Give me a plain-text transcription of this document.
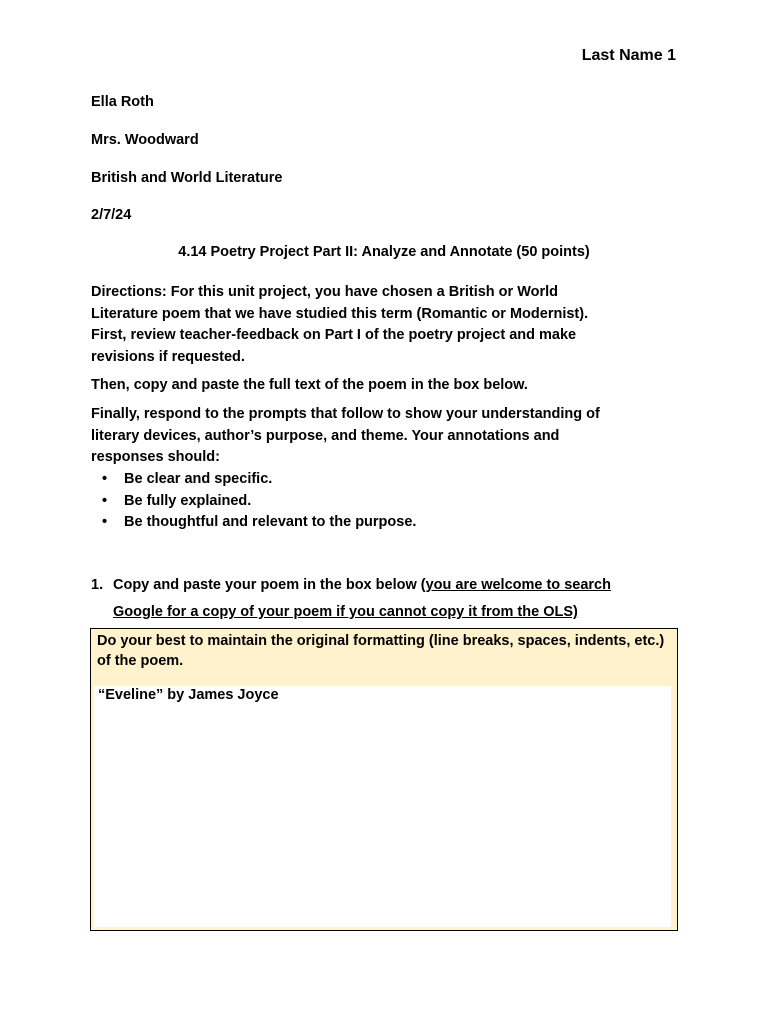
Last Name 1
Ella Roth
Mrs. Woodward
British and World Literature
2/7/24
4.14 Poetry Project Part II: Analyze and Annotate (50 points)
Directions: For this unit project, you have chosen a British or World
Literature poem that we have studied this term (Romantic or Modernist).
First, review teacher-feedback on Part I of the poetry project and make
revisions if requested.
Then, copy and paste the full text of the poem in the box below.
Finally, respond to the prompts that follow to show your understanding of
literary devices, author’s purpose, and theme. Your annotations and
responses should:
• Be clear and specific.
• Be fully explained.
• Be thoughtful and relevant to the purpose.
1. Copy and paste your poem in the box below (you are welcome to search
Google for a copy of your poem if you cannot copy it from the OLS)
Do your best to maintain the original formatting (line breaks, spaces, indents, etc.) of the poem.
“Eveline” by James Joyce
